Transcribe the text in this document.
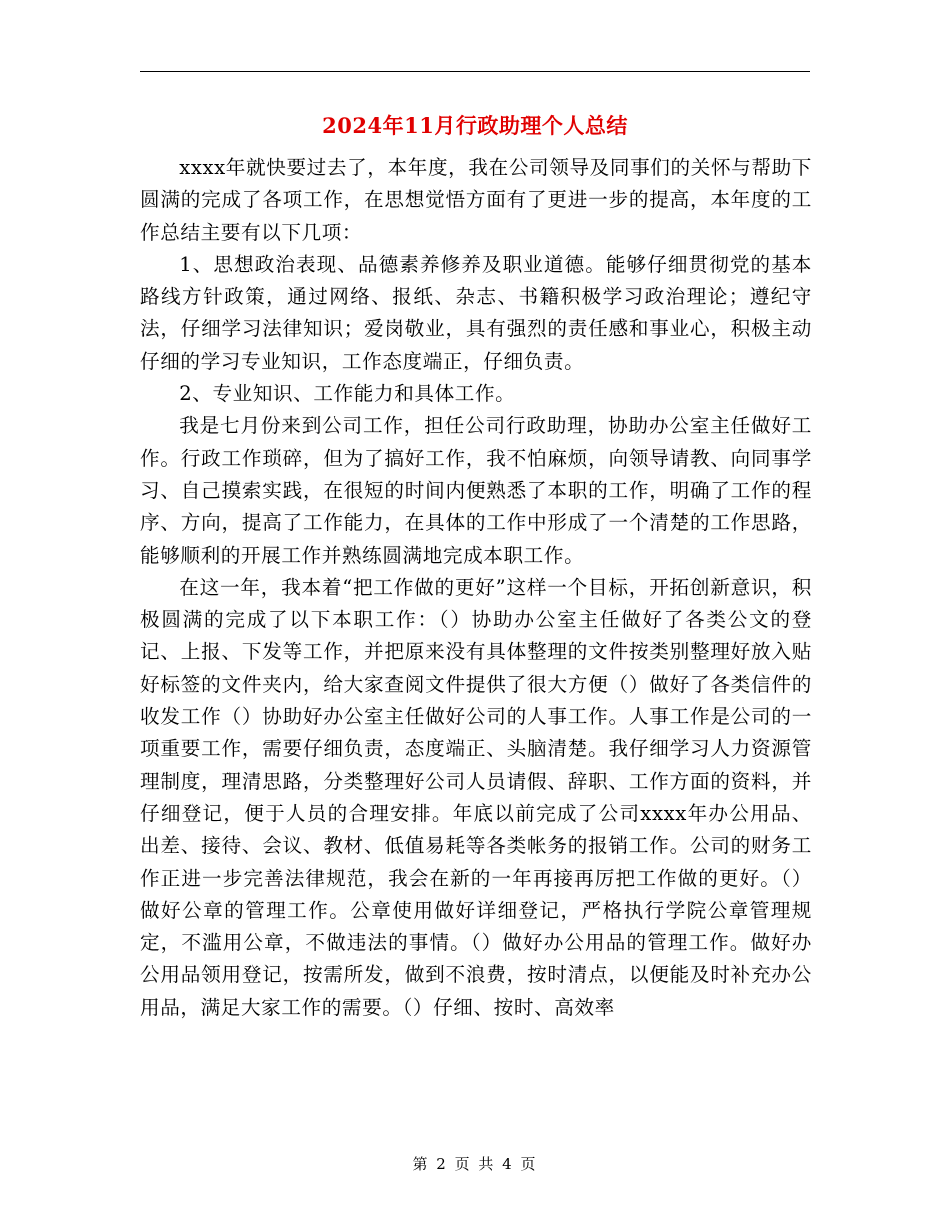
2024年11月行政助理个人总结

xxxx年就快要过去了，本年度，我在公司领导及同事们的关怀与帮助下圆满的完成了各项工作，在思想觉悟方面有了更进一步的提高，本年度的工作总结主要有以下几项：

1、思想政治表现、品德素养修养及职业道德。能够仔细贯彻党的基本路线方针政策，通过网络、报纸、杂志、书籍积极学习政治理论；遵纪守法，仔细学习法律知识；爱岗敬业，具有强烈的责任感和事业心，积极主动仔细的学习专业知识，工作态度端正，仔细负责。

2、专业知识、工作能力和具体工作。

我是七月份来到公司工作，担任公司行政助理，协助办公室主任做好工作。行政工作琐碎，但为了搞好工作，我不怕麻烦，向领导请教、向同事学习、自己摸索实践，在很短的时间内便熟悉了本职的工作，明确了工作的程序、方向，提高了工作能力，在具体的工作中形成了一个清楚的工作思路，能够顺利的开展工作并熟练圆满地完成本职工作。

在这一年，我本着“把工作做的更好”这样一个目标，开拓创新意识，积极圆满的完成了以下本职工作：（）协助办公室主任做好了各类公文的登记、上报、下发等工作，并把原来没有具体整理的文件按类别整理好放入贴好标签的文件夹内，给大家查阅文件提供了很大方便（）做好了各类信件的收发工作（）协助好办公室主任做好公司的人事工作。人事工作是公司的一项重要工作，需要仔细负责，态度端正、头脑清楚。我仔细学习人力资源管理制度，理清思路，分类整理好公司人员请假、辞职、工作方面的资料，并仔细登记，便于人员的合理安排。年底以前完成了公司xxxx年办公用品、出差、接待、会议、教材、低值易耗等各类帐务的报销工作。公司的财务工作正进一步完善法律规范，我会在新的一年再接再厉把工作做的更好。（）做好公章的管理工作。公章使用做好详细登记，严格执行学院公章管理规定，不滥用公章，不做违法的事情。（）做好办公用品的管理工作。做好办公用品领用登记，按需所发，做到不浪费，按时清点，以便能及时补充办公用品，满足大家工作的需要。（）仔细、按时、高效率

第 2 页 共 4 页
